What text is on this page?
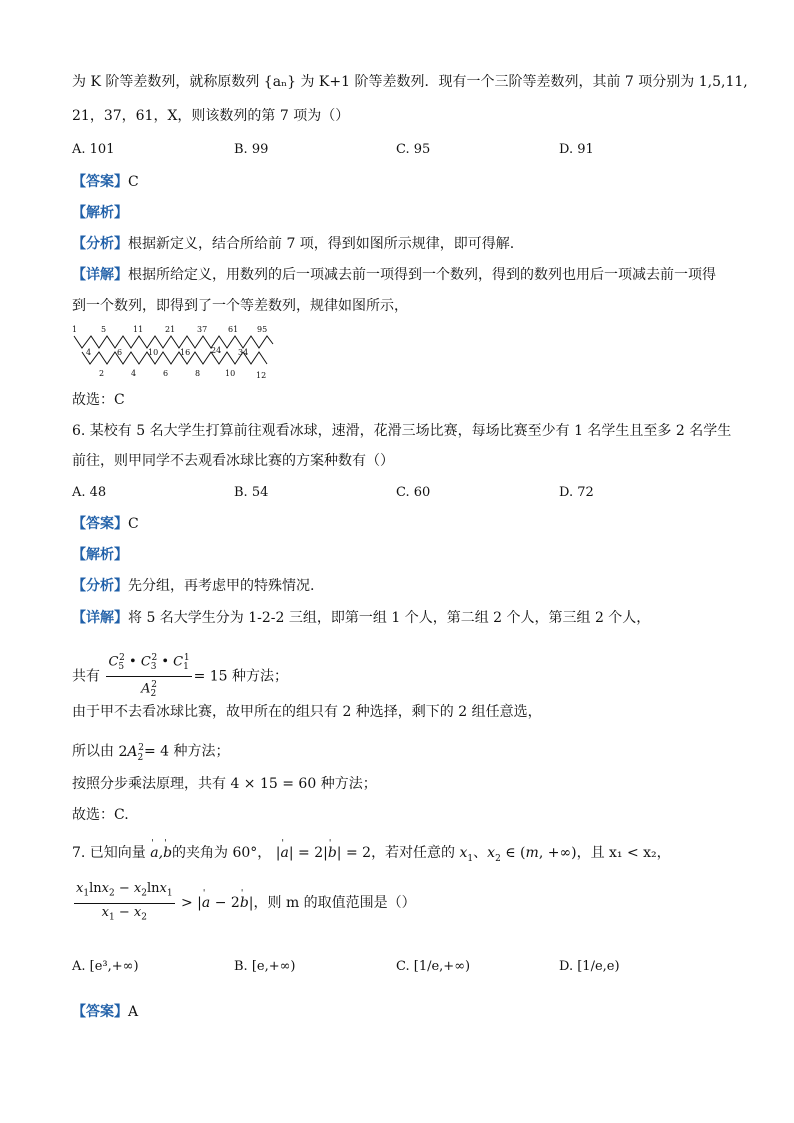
为 K 阶等差数列，就称原数列 {aₙ} 为 K+1 阶等差数列．现有一个三阶等差数列，其前 7 项分别为 1,5,11,
21，37，61，X，则该数列的第 7 项为（）
A. 101	B. 99	C. 95	D. 91
【答案】C
【解析】
【分析】根据新定义，结合所给前 7 项，得到如图所示规律，即可得解.
【详解】根据所给定义，用数列的后一项减去前一项得到一个数列，得到的数列也用后一项减去前一项得
到一个数列，即得到了一个等差数列，规律如图所示，
1	5	11	21	37	61 95
4	6	10	16	24 34
2	4	6	8	10	12
故选：C
6. 某校有 5 名大学生打算前往观看冰球，速滑，花滑三场比赛，每场比赛至少有 1 名学生且至多 2 名学生
前往，则甲同学不去观看冰球比赛的方案种数有（）
A. 48	B. 54	C. 60	D. 72
【答案】C
【解析】
【分析】先分组，再考虑甲的特殊情况.
【详解】将 5 名大学生分为 1-2-2 三组，即第一组 1 个人，第二组 2 个人，第三组 2 个人，
共有 $\frac{C_5^2 • C_3^2 • C_1^1}{A_2^2} = 15$ 种方法；
由于甲不去看冰球比赛，故甲所在的组只有 2 种选择，剩下的 2 组任意选，
所以由 $2A_2^2= 4$ 种方法；
按照分步乘法原理，共有 4 × 15 = 60 种方法；
故选：C.
7. 已知向量 ' a,' b的夹角为 60°， |' a| = 2|' b| = 2，若对任意的 $x_1$、$x_2$ ∈ (m, +∞)，且 x₁ < x₂，
$\frac{x_1\ln x_2 - x_2\ln x_1}{x_1 - x_2}$ > |' a − 2' b|，则 m 的取值范围是（）
A. [e³,+∞)	B. [e,+∞)	C. [1/e,+∞)	D. [1/e,e)
【答案】A
